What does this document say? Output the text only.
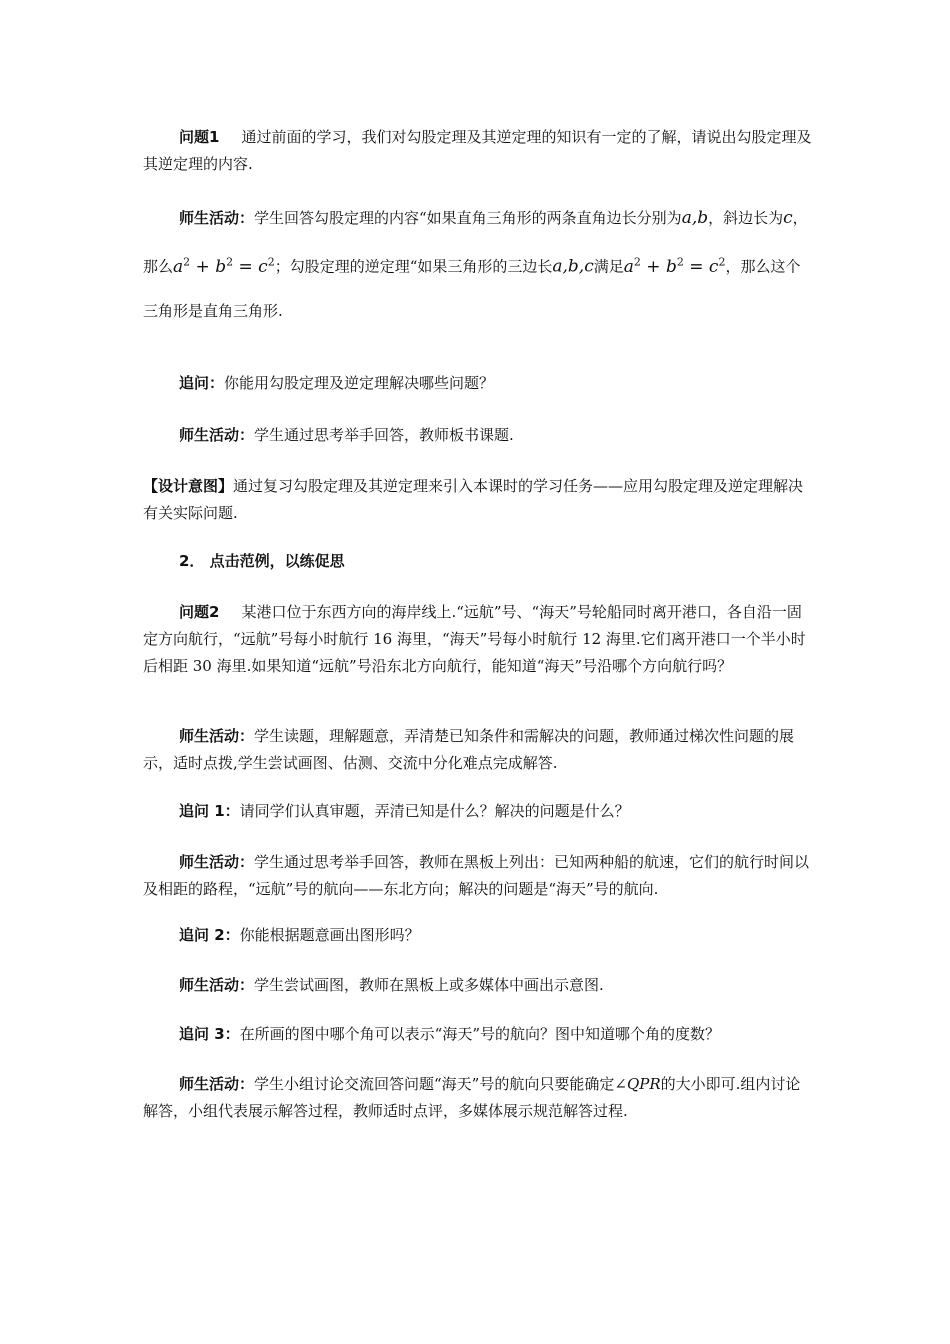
问题1 通过前面的学习，我们对勾股定理及其逆定理的知识有一定的了解，请说出勾股定理及其逆定理的内容.
师生活动：学生回答勾股定理的内容“如果直角三角形的两条直角边长分别为a,b，斜边长为c，那么$a^2 + b^2 = c^2$；勾股定理的逆定理“如果三角形的三边长a,b,c满足$a^2 + b^2 = c^2$，那么这个三角形是直角三角形.
追问：你能用勾股定理及逆定理解决哪些问题？
师生活动：学生通过思考举手回答，教师板书课题.
【设计意图】通过复习勾股定理及其逆定理来引入本课时的学习任务——应用勾股定理及逆定理解决有关实际问题.
2． 点击范例，以练促思
问题2 某港口位于东西方向的海岸线上.“远航”号、“海天”号轮船同时离开港口，各自沿一固定方向航行，“远航”号每小时航行 16 海里，“海天”号每小时航行 12 海里.它们离开港口一个半小时后相距 30 海里.如果知道“远航”号沿东北方向航行，能知道“海天”号沿哪个方向航行吗？
师生活动：学生读题，理解题意，弄清楚已知条件和需解决的问题，教师通过梯次性问题的展示，适时点拨,学生尝试画图、估测、交流中分化难点完成解答.
追问 1：请同学们认真审题，弄清已知是什么？解决的问题是什么？
师生活动：学生通过思考举手回答，教师在黑板上列出：已知两种船的航速，它们的航行时间以及相距的路程，“远航”号的航向——东北方向；解决的问题是“海天”号的航向.
追问 2：你能根据题意画出图形吗？
师生活动：学生尝试画图，教师在黑板上或多媒体中画出示意图.
追问 3：在所画的图中哪个角可以表示“海天”号的航向？图中知道哪个角的度数？
师生活动：学生小组讨论交流回答问题“海天”号的航向只要能确定∠QPR的大小即可.组内讨论解答，小组代表展示解答过程，教师适时点评，多媒体展示规范解答过程.
